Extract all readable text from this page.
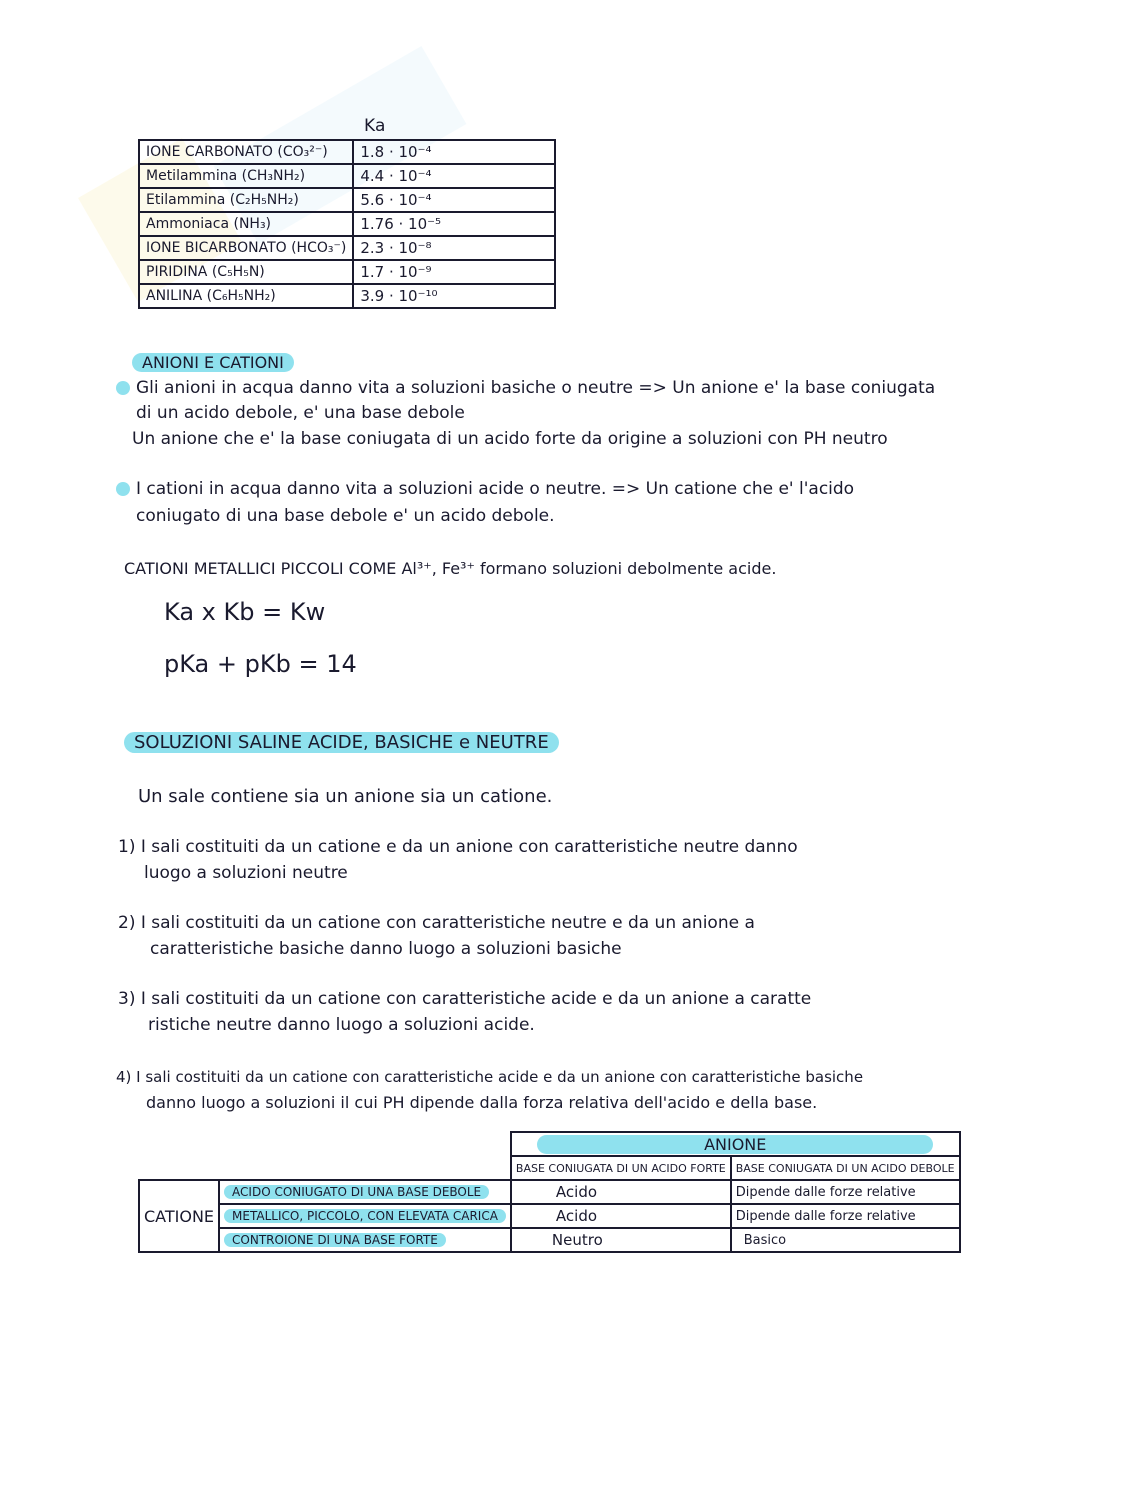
Ka
IONE CARBONATO (CO₃²⁻)	1.8 · 10⁻⁴
Metilammina (CH₃NH₂)	4.4 · 10⁻⁴
Etilammina (C₂H₅NH₂)	5.6 · 10⁻⁴
Ammoniaca (NH₃)	1.76 · 10⁻⁵
IONE BICARBONATO (HCO₃⁻)	2.3 · 10⁻⁸
PIRIDINA (C₅H₅N)	1.7 · 10⁻⁹
ANILINA (C₆H₅NH₂)	3.9 · 10⁻¹⁰
ANIONI E CATIONI
Gli anioni in acqua danno vita a soluzioni basiche o neutre => Un anione e' la base coniugata
di un acido debole, e' una base debole
Un anione che e' la base coniugata di un acido forte da origine a soluzioni con PH neutro
I cationi in acqua danno vita a soluzioni acide o neutre. => Un catione che e' l'acido
coniugato di una base debole e' un acido debole.
CATIONI METALLICI PICCOLI COME Al³⁺, Fe³⁺ formano soluzioni debolmente acide.
Ka x Kb = Kw
pKa + pKb = 14
SOLUZIONI SALINE ACIDE, BASICHE e NEUTRE
Un sale contiene sia un anione sia un catione.
1) I sali costituiti da un catione e da un anione con caratteristiche neutre danno
luogo a soluzioni neutre
2) I sali costituiti da un catione con caratteristiche neutre e da un anione a
caratteristiche basiche danno luogo a soluzioni basiche
3) I sali costituiti da un catione con caratteristiche acide e da un anione a caratte
ristiche neutre danno luogo a soluzioni acide.
4) I sali costituiti da un catione con caratteristiche acide e da un anione con caratteristiche basiche
danno luogo a soluzioni il cui PH dipende dalla forza relativa dell'acido e della base.
		ANIONE	
		BASE CONIUGATA DI UN ACIDO FORTE	BASE CONIUGATA DI UN ACIDO DEBOLE
CATIONE	ACIDO CONIUGATO DI UNA BASE DEBOLE	Acido	Dipende dalle forze relative
	METALLICO, PICCOLO, CON ELEVATA CARICA	Acido	Dipende dalle forze relative
	CONTROIONE DI UNA BASE FORTE	Neutro	Basico
